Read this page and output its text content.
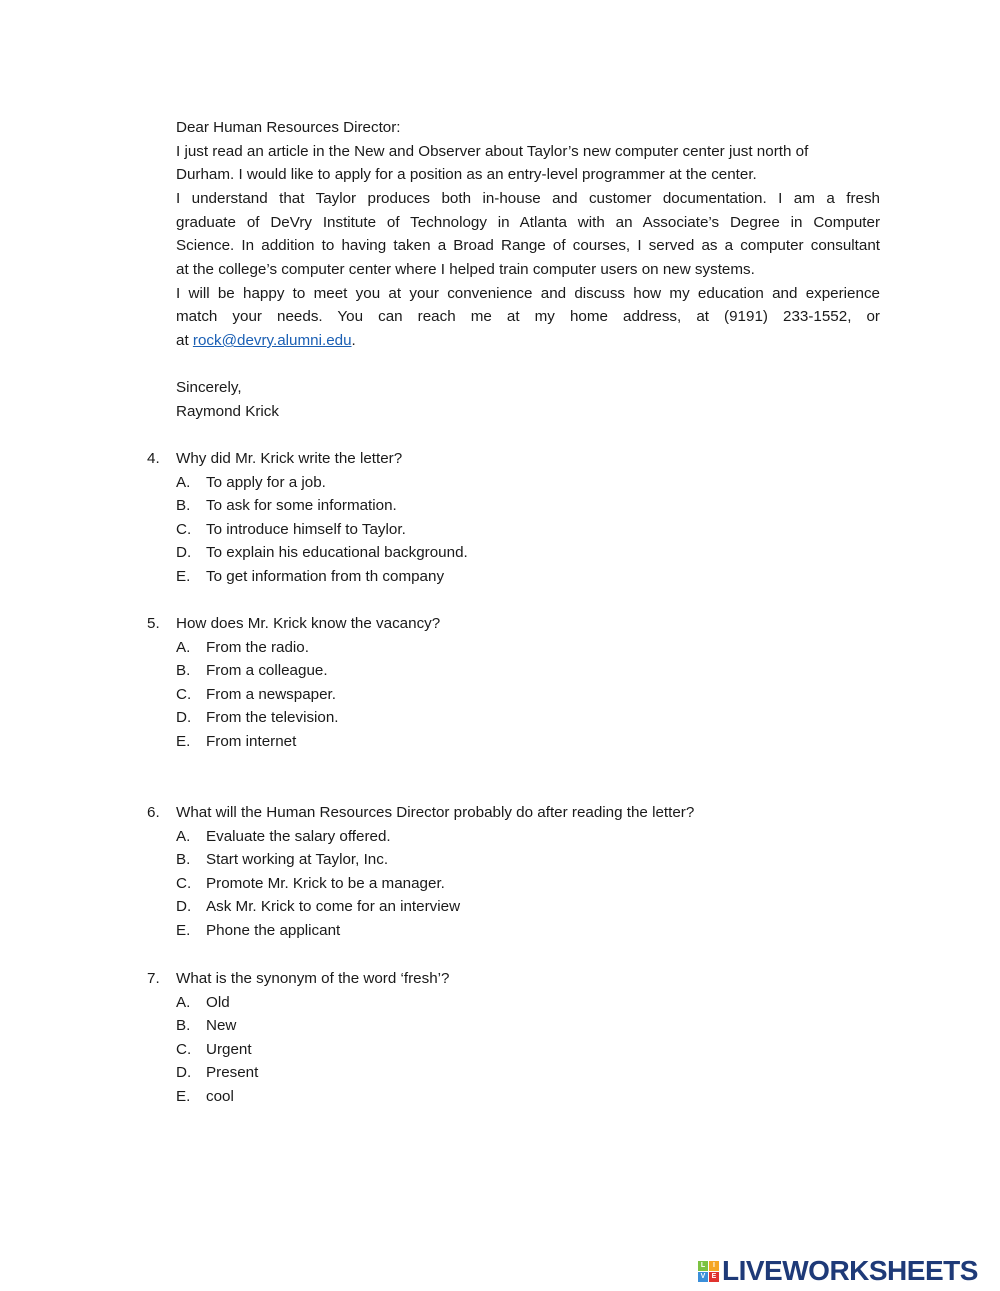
Dear Human Resources Director:
I just read an article in the New and Observer about Taylor’s new computer center just north of
Durham. I would like to apply for a position as an entry-level programmer at the center.
I understand that Taylor produces both in-house and customer documentation. I am a fresh
graduate of DeVry Institute of Technology in Atlanta with an Associate’s Degree in Computer
Science. In addition to having taken a Broad Range of courses, I served as a computer consultant
at the college’s computer center where I helped train computer users on new systems.
I will be happy to meet you at your convenience and discuss how my education and experience
match your needs. You can reach me at my home address, at (9191) 233-1552, or
at rock@devry.alumni.edu.
Sincerely,
Raymond Krick
4. Why did Mr. Krick write the letter?
A. To apply for a job.
B. To ask for some information.
C. To introduce himself to Taylor.
D. To explain his educational background.
E. To get information from th company
5. How does Mr. Krick know the vacancy?
A. From the radio.
B. From a colleague.
C. From a newspaper.
D. From the television.
E. From internet
6. What will the Human Resources Director probably do after reading the letter?
A. Evaluate the salary offered.
B. Start working at Taylor, Inc.
C. Promote Mr. Krick to be a manager.
D. Ask Mr. Krick to come for an interview
E. Phone the applicant
7. What is the synonym of the word ‘fresh’?
A. Old
B. New
C. Urgent
D. Present
E. cool
L	I
V E LIVEWORKSHEETS
